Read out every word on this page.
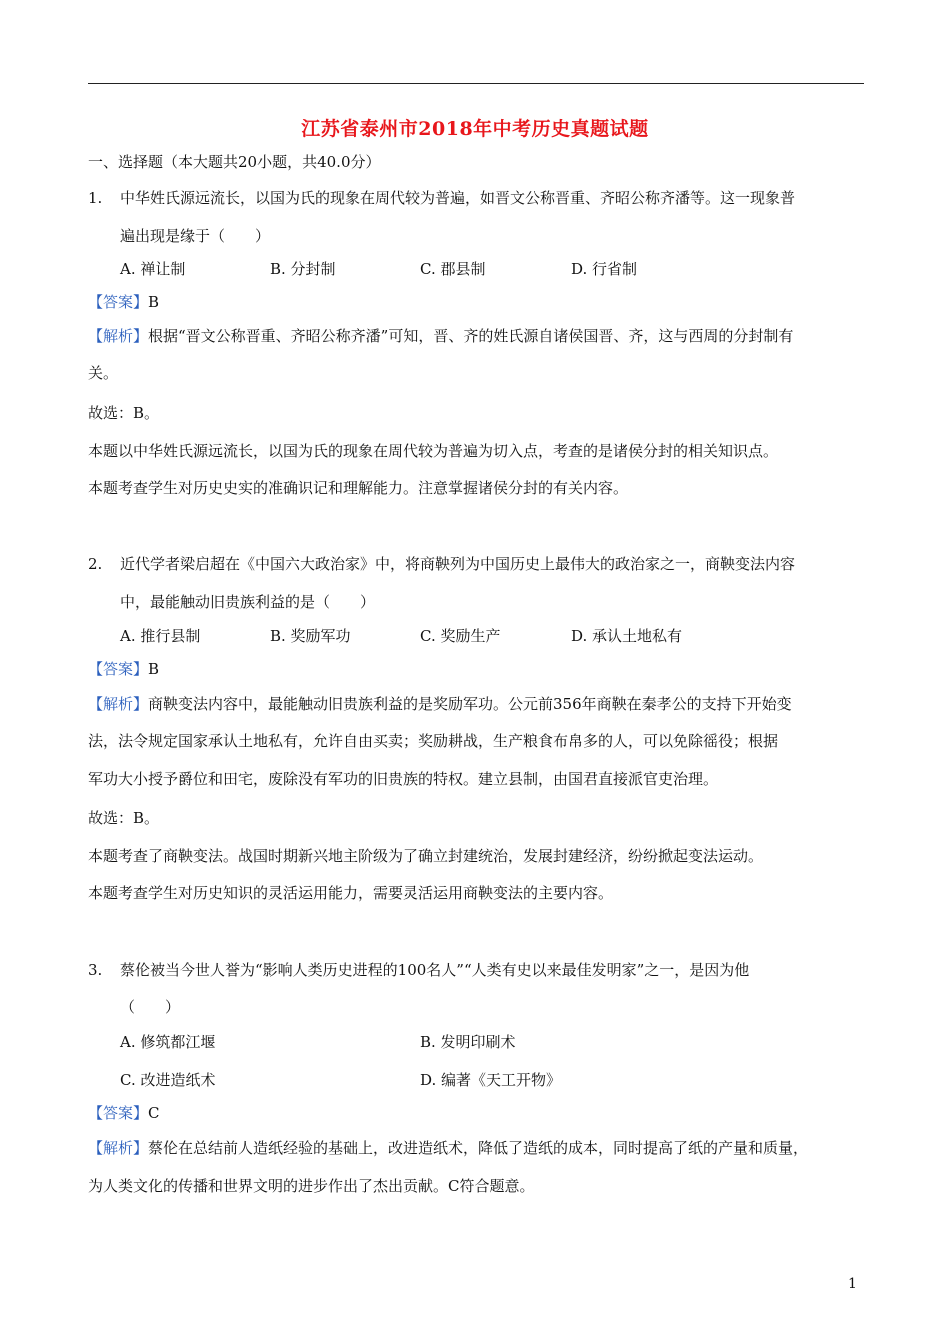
江苏省泰州市2018年中考历史真题试题
一、选择题（本大题共20小题，共40.0分）
1. 中华姓氏源远流长，以国为氏的现象在周代较为普遍，如晋文公称晋重、齐昭公称齐潘等。这一现象普
遍出现是缘于（　　）
A. 禅让制	B. 分封制	C. 郡县制	D. 行省制
【答案】B
【解析】根据“晋文公称晋重、齐昭公称齐潘”可知，晋、齐的姓氏源自诸侯国晋、齐，这与西周的分封制有
关。
故选：B。
本题以中华姓氏源远流长，以国为氏的现象在周代较为普遍为切入点，考查的是诸侯分封的相关知识点。
本题考查学生对历史史实的准确识记和理解能力。注意掌握诸侯分封的有关内容。
2. 近代学者梁启超在《中国六大政治家》中，将商鞅列为中国历史上最伟大的政治家之一，商鞅变法内容
中，最能触动旧贵族利益的是（　　）
A. 推行县制	B. 奖励军功	C. 奖励生产	D. 承认土地私有
【答案】B
【解析】商鞅变法内容中，最能触动旧贵族利益的是奖励军功。公元前356年商鞅在秦孝公的支持下开始变
法，法令规定国家承认土地私有，允许自由买卖；奖励耕战，生产粮食布帛多的人，可以免除徭役；根据
军功大小授予爵位和田宅，废除没有军功的旧贵族的特权。建立县制，由国君直接派官吏治理。
故选：B。
本题考查了商鞅变法。战国时期新兴地主阶级为了确立封建统治，发展封建经济，纷纷掀起变法运动。
本题考查学生对历史知识的灵活运用能力，需要灵活运用商鞅变法的主要内容。
3. 蔡伦被当今世人誉为“影响人类历史进程的100名人”“人类有史以来最佳发明家”之一，是因为他
（　　）
A. 修筑都江堰	B. 发明印刷术
C. 改进造纸术	D. 编著《天工开物》
【答案】C
【解析】蔡伦在总结前人造纸经验的基础上，改进造纸术，降低了造纸的成本，同时提高了纸的产量和质量，
为人类文化的传播和世界文明的进步作出了杰出贡献。C符合题意。
1
